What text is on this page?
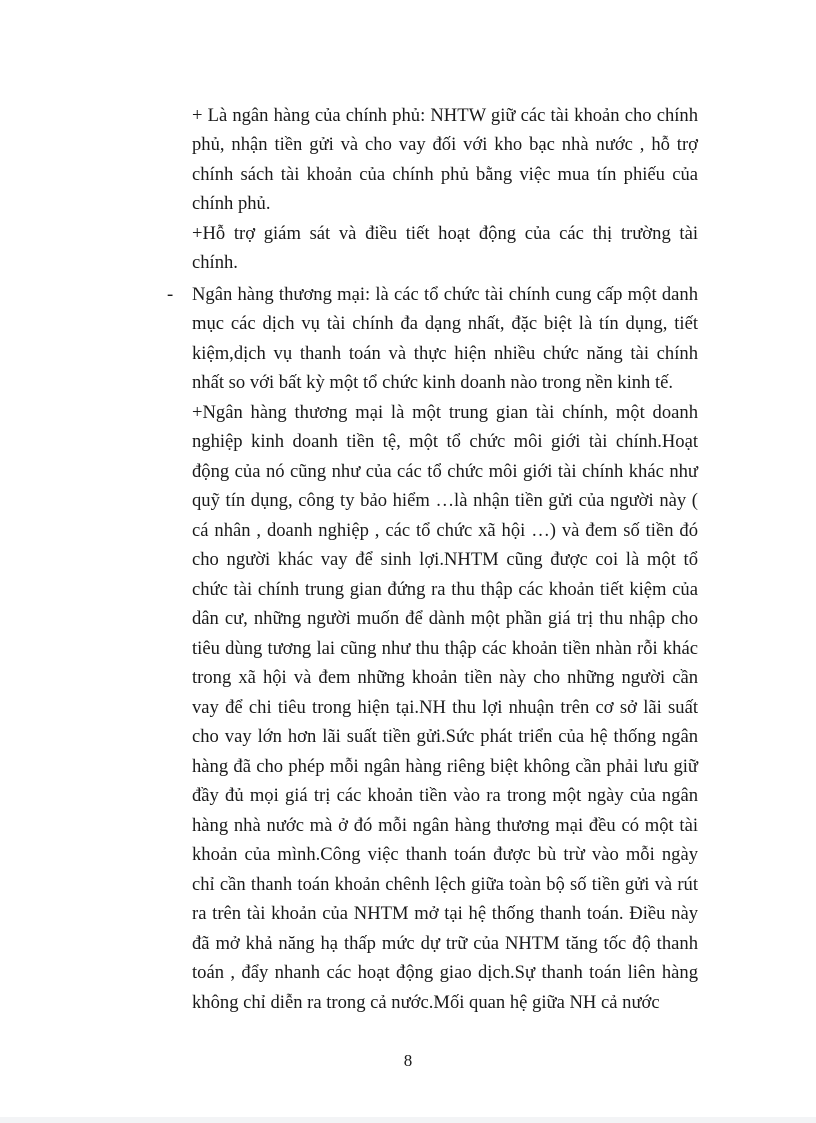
-
+ Là ngân hàng của chính phủ: NHTW giữ các tài khoản cho chính
phủ, nhận tiền gửi và cho vay đối với kho bạc nhà nước , hỗ trợ
chính sách tài khoản của chính phủ bằng việc mua tín phiếu của
chính phủ.
+Hỗ trợ giám sát và điều tiết hoạt động của các thị trường tài
chính.
Ngân hàng thương mại: là các tổ chức tài chính cung cấp một danh
mục các dịch vụ tài chính đa dạng nhất, đặc biệt là tín dụng, tiết
kiệm,dịch vụ thanh toán và thực hiện nhiều chức năng tài chính
nhất so với bất kỳ một tổ chức kinh doanh nào trong nền kinh tế.
+Ngân hàng thương mại là một trung gian tài chính, một doanh
nghiệp kinh doanh tiền tệ, một tổ chức môi giới tài chính.Hoạt
động của nó cũng như của các tổ chức môi giới tài chính khác như
quỹ tín dụng, công ty bảo hiểm …là nhận tiền gửi của người này (
cá nhân , doanh nghiệp , các tổ chức xã hội …) và đem số tiền đó
cho người khác vay để sinh lợi.NHTM cũng được coi là một tổ
chức tài chính trung gian đứng ra thu thập các khoản tiết kiệm của
dân cư, những người muốn để dành một phần giá trị thu nhập cho
tiêu dùng tương lai cũng như thu thập các khoản tiền nhàn rỗi khác
trong xã hội và đem những khoản tiền này cho những người cần
vay để chi tiêu trong hiện tại.NH thu lợi nhuận trên cơ sở lãi suất
cho vay lớn hơn lãi suất tiền gửi.Sức phát triển của hệ thống ngân
hàng đã cho phép mỗi ngân hàng riêng biệt không cần phải lưu giữ
đầy đủ mọi giá trị các khoản tiền vào ra trong một ngày của ngân
hàng nhà nước mà ở đó mỗi ngân hàng thương mại đều có một tài
khoản của mình.Công việc thanh toán được bù trừ vào mỗi ngày
chỉ cần thanh toán khoản chênh lệch giữa toàn bộ số tiền gửi và rút
ra trên tài khoản của NHTM mở tại hệ thống thanh toán. Điều này
đã mở khả năng hạ thấp mức dự trữ của NHTM tăng tốc độ thanh
toán , đẩy nhanh các hoạt động giao dịch.Sự thanh toán liên hàng
không chỉ diễn ra trong cả nước.Mối quan hệ giữa NH cả nước
8
